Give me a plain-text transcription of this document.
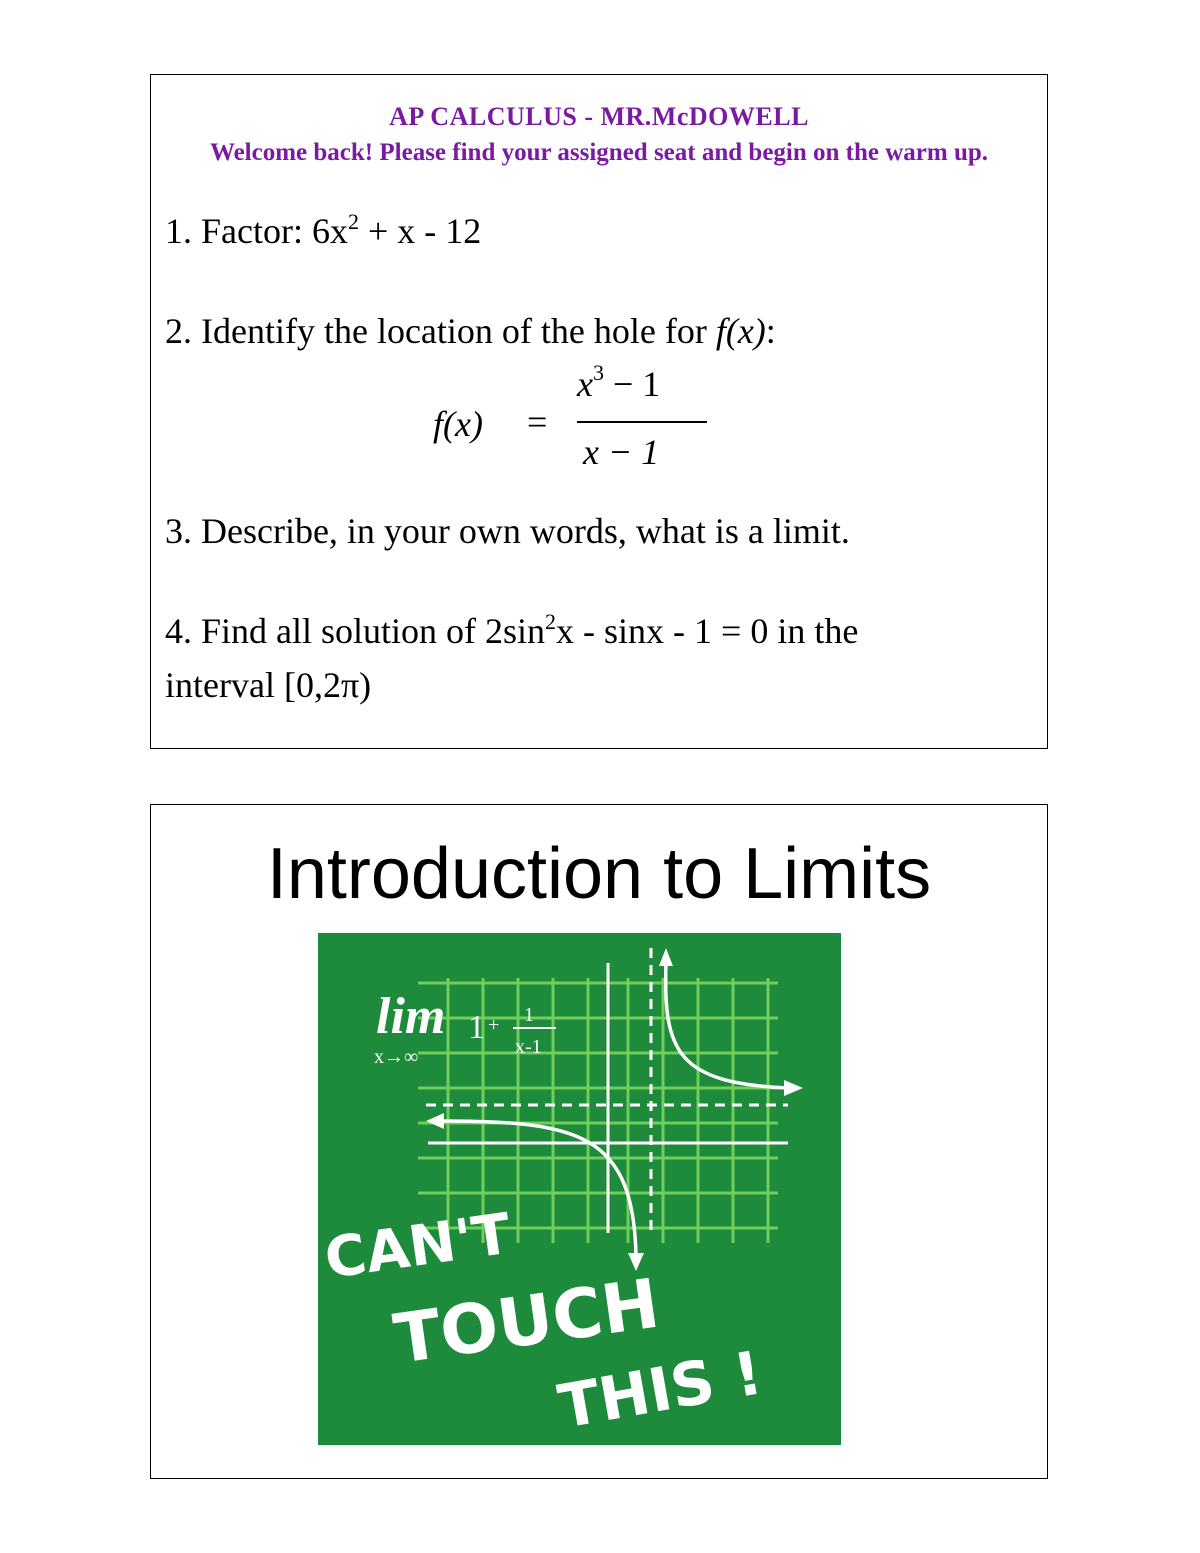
AP CALCULUS - MR.McDOWELL
Welcome back! Please find your assigned seat and begin on the warm up.
1. Factor: $6x^2 + x - 12$
2. Identify the location of the hole for f(x):
f(x) =
$x^3 - 1$
x − 1
3. Describe, in your own words, what is a limit.
4. Find all solution of $2\sin^2x - \sin x - 1 = 0$ in the
interval [0,2π)
Introduction to Limits
lim
x→∞
1 + 1
x-1
CAN'T
TOUCH
THIS !
